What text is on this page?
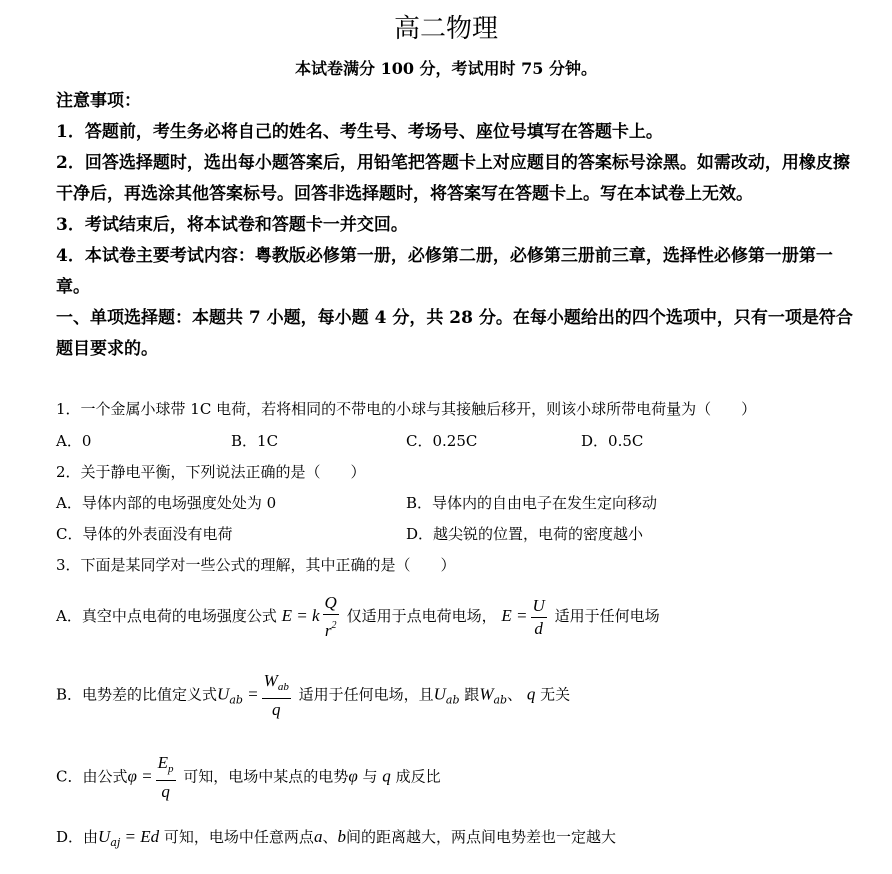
高二物理
本试卷满分 100 分，考试用时 75 分钟。
注意事项：
1．答题前，考生务必将自己的姓名、考生号、考场号、座位号填写在答题卡上。
2．回答选择题时，选出每小题答案后，用铅笔把答题卡上对应题目的答案标号涂黑。如需改动，用橡皮擦干净后，再选涂其他答案标号。回答非选择题时，将答案写在答题卡上。写在本试卷上无效。
3．考试结束后，将本试卷和答题卡一并交回。
4．本试卷主要考试内容：粤教版必修第一册，必修第二册，必修第三册前三章，选择性必修第一册第一章。
一、单项选择题：本题共 7 小题，每小题 4 分，共 28 分。在每小题给出的四个选项中，只有一项是符合题目要求的。
1．一个金属小球带 1C 电荷，若将相同的不带电的小球与其接触后移开，则该小球所带电荷量为（　　）
A．0	B．1C	C．0.25C	D．0.5C
2．关于静电平衡，下列说法正确的是（　　）
A．导体内部的电场强度处处为 0	B．导体内的自由电子在发生定向移动
C．导体的外表面没有电荷	D．越尖锐的位置，电荷的密度越小
3．下面是某同学对一些公式的理解，其中正确的是（　　）
A．真空中点电荷的电场强度公式 E = k $\frac{Q}{r^2}$ 仅适用于点电荷电场， $E = \frac{U}{d}$ 适用于任何电场
B．电势差的比值定义式$U_{ab} = \frac{W_{ab}}{q}$ 适用于任何电场，且$U_{ab}$ 跟$W_{ab}$、 q 无关
C．由公式$\varphi = \frac{E_p}{q}$ 可知，电场中某点的电势φ 与 q 成反比
D．由$U_{aj} = Ed$ 可知，电场中任意两点a、b间的距离越大，两点间电势差也一定越大
